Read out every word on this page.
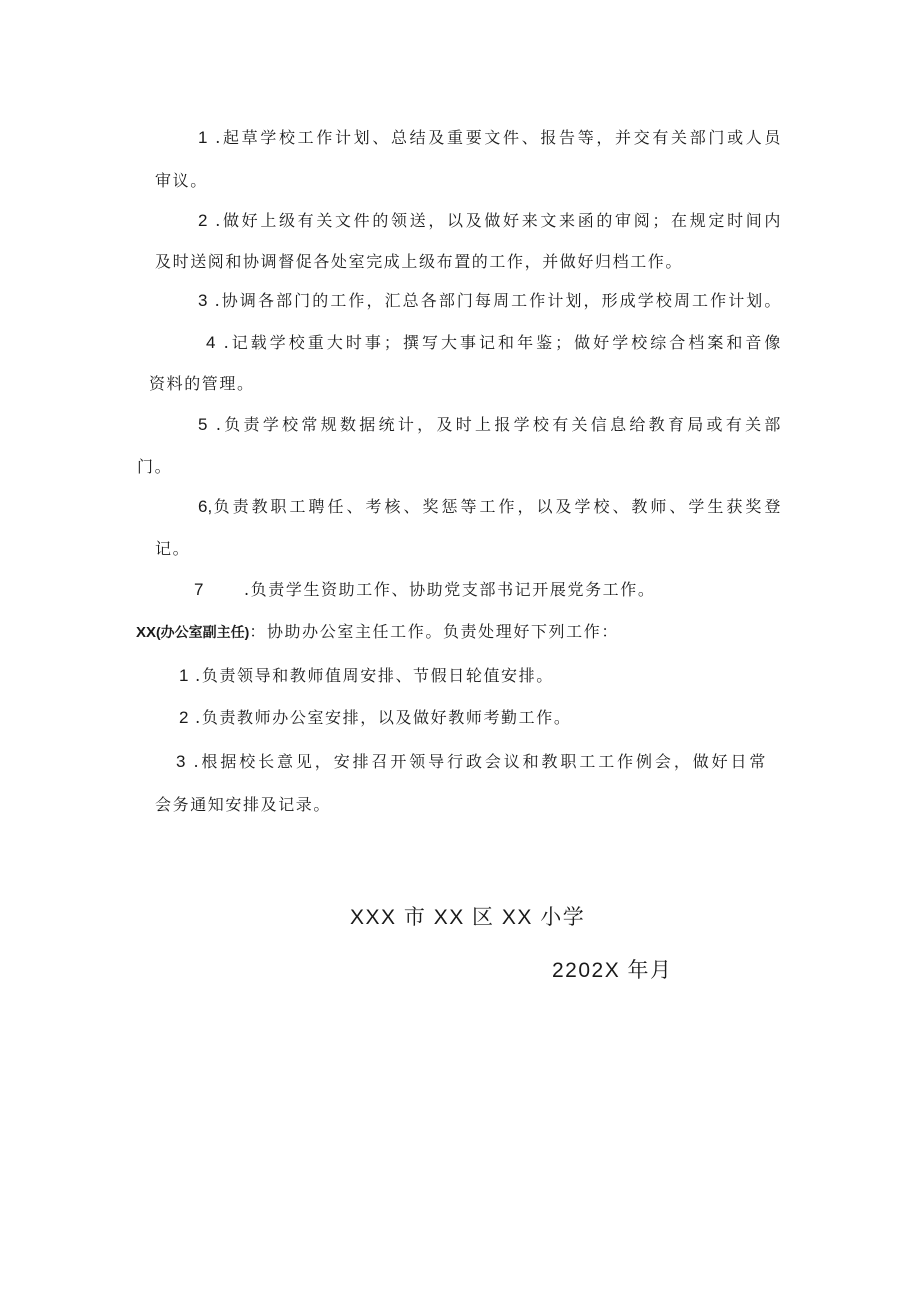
1 .起草学校工作计划、总结及重要文件、报告等，并交有关部门或人员
审议。
2 .做好上级有关文件的领送，以及做好来文来函的审阅；在规定时间内
及时送阅和协调督促各处室完成上级布置的工作，并做好归档工作。
3 .协调各部门的工作，汇总各部门每周工作计划，形成学校周工作计划。
4 .记载学校重大时事；撰写大事记和年鉴；做好学校综合档案和音像
资料的管理。
5 .负责学校常规数据统计，及时上报学校有关信息给教育局或有关部
门。
6,负责教职工聘任、考核、奖惩等工作，以及学校、教师、学生获奖登
记。
7	.负责学生资助工作、协助党支部书记开展党务工作。
XX(办公室副主任)：协助办公室主任工作。负责处理好下列工作：
1 .负责领导和教师值周安排、节假日轮值安排。
2 .负责教师办公室安排，以及做好教师考勤工作。
3 .根据校长意见，安排召开领导行政会议和教职工工作例会，做好日常
会务通知安排及记录。
XXX 市 XX 区 XX 小学
2202X 年月
